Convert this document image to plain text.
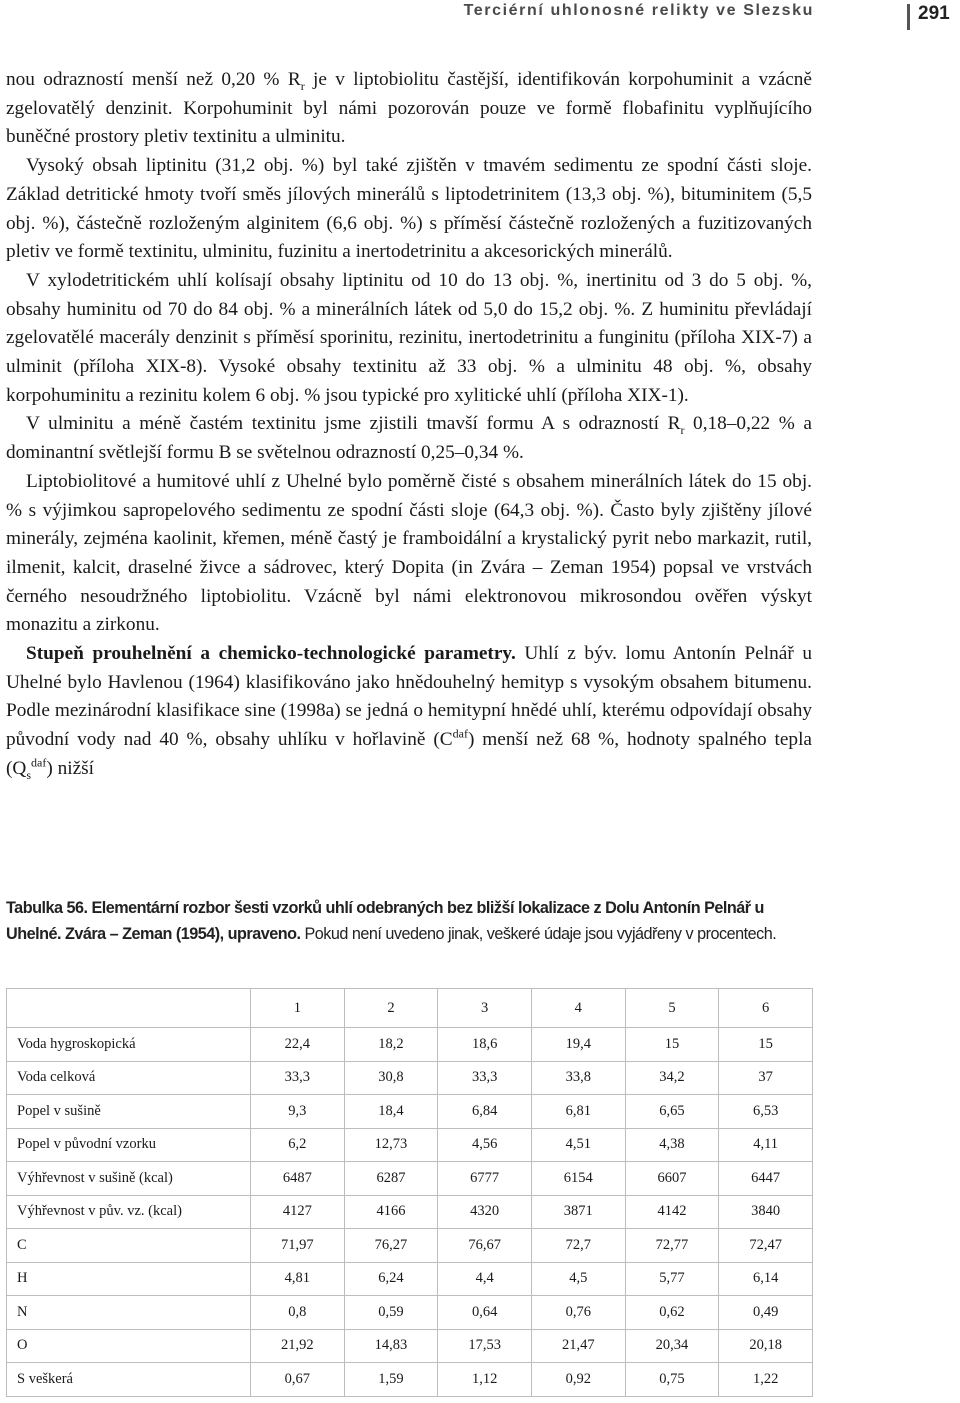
Terciérní uhlonosné relikty ve Slezsku	291

nou odrazností menší než 0,20 % $R_r$ je v liptobiolitu častější, identifikován korpohuminit a vzácně zgelovatělý denzinit. Korpohuminit byl námi pozorován pouze ve formě flobafinitu vyplňujícího buněčné prostory pletiv textinitu a ulminitu.

Vysoký obsah liptinitu (31,2 obj. %) byl také zjištěn v tmavém sedimentu ze spodní části sloje. Základ detritické hmoty tvoří směs jílových minerálů s liptodetrinitem (13,3 obj. %), bituminitem (5,5 obj. %), částečně rozloženým alginitem (6,6 obj. %) s příměsí částečně rozložených a fuzitizovaných pletiv ve formě textinitu, ulminitu, fuzinitu a inertodetrinitu a akcesorických minerálů.

V xylodetritickém uhlí kolísají obsahy liptinitu od 10 do 13 obj. %, inertinitu od 3 do 5 obj. %, obsahy huminitu od 70 do 84 obj. % a minerálních látek od 5,0 do 15,2 obj. %. Z huminitu převládají zgelovatělé macerály denzinit s příměsí sporinitu, rezinitu, inertodetrinitu a funginitu (příloha XIX-7) a ulminit (příloha XIX-8). Vysoké obsahy textinitu až 33 obj. % a ulminitu 48 obj. %, obsahy korpohuminitu a rezinitu kolem 6 obj. % jsou typické pro xylitické uhlí (příloha XIX-1).

V ulminitu a méně častém textinitu jsme zjistili tmavší formu A s odrazností $R_r$ 0,18–0,22 % a dominantní světlejší formu B se světelnou odrazností 0,25–0,34 %.

Liptobiolitové a humitové uhlí z Uhelné bylo poměrně čisté s obsahem minerálních látek do 15 obj. % s výjimkou sapropelového sedimentu ze spodní části sloje (64,3 obj. %). Často byly zjištěny jílové minerály, zejména kaolinit, křemen, méně častý je framboidální a krystalický pyrit nebo markazit, rutil, ilmenit, kalcit, draselné živce a sádrovec, který Dopita (in Zvára – Zeman 1954) popsal ve vrstvách černého nesoudržného liptobiolitu. Vzácně byl námi elektronovou mikrosondou ověřen výskyt monazitu a zirkonu.

Stupeň prouhelnění a chemicko-technologické parametry. Uhlí z býv. lomu Antonín Pelnář u Uhelné bylo Havlenou (1964) klasifikováno jako hnědouhelný hemityp s vysokým obsahem bitumenu. Podle mezinárodní klasifikace sine (1998a) se jedná o hemitypní hnědé uhlí, kterému odpovídají obsahy původní vody nad 40 %, obsahy uhlíku v hořlavině $(C^{daf})$ menší než 68 %, hodnoty spalného tepla $(Q_s^{daf})$ nižší

Tabulka 56. Elementární rozbor šesti vzorků uhlí odebraných bez bližší lokalizace z Dolu Antonín Pelnář u Uhelné. Zvára – Zeman (1954), upraveno. Pokud není uvedeno jinak, veškeré údaje jsou vyjádřeny v procentech.
	1	2	3	4	5	6
Voda hygroskopická	22,4	18,2	18,6	19,4	15	15
Voda celková	33,3	30,8	33,3	33,8	34,2	37
Popel v sušině	9,3	18,4	6,84	6,81	6,65	6,53
Popel v původní vzorku	6,2	12,73	4,56	4,51	4,38	4,11
Výhřevnost v sušině (kcal)	6487	6287	6777	6154	6607	6447
Výhřevnost v pův. vz. (kcal)	4127	4166	4320	3871	4142	3840
C	71,97	76,27	76,67	72,7	72,77	72,47
H	4,81	6,24	4,4	4,5	5,77	6,14
N	0,8	0,59	0,64	0,76	0,62	0,49
O	21,92	14,83	17,53	21,47	20,34	20,18
S veškerá	0,67	1,59	1,12	0,92	0,75	1,22
